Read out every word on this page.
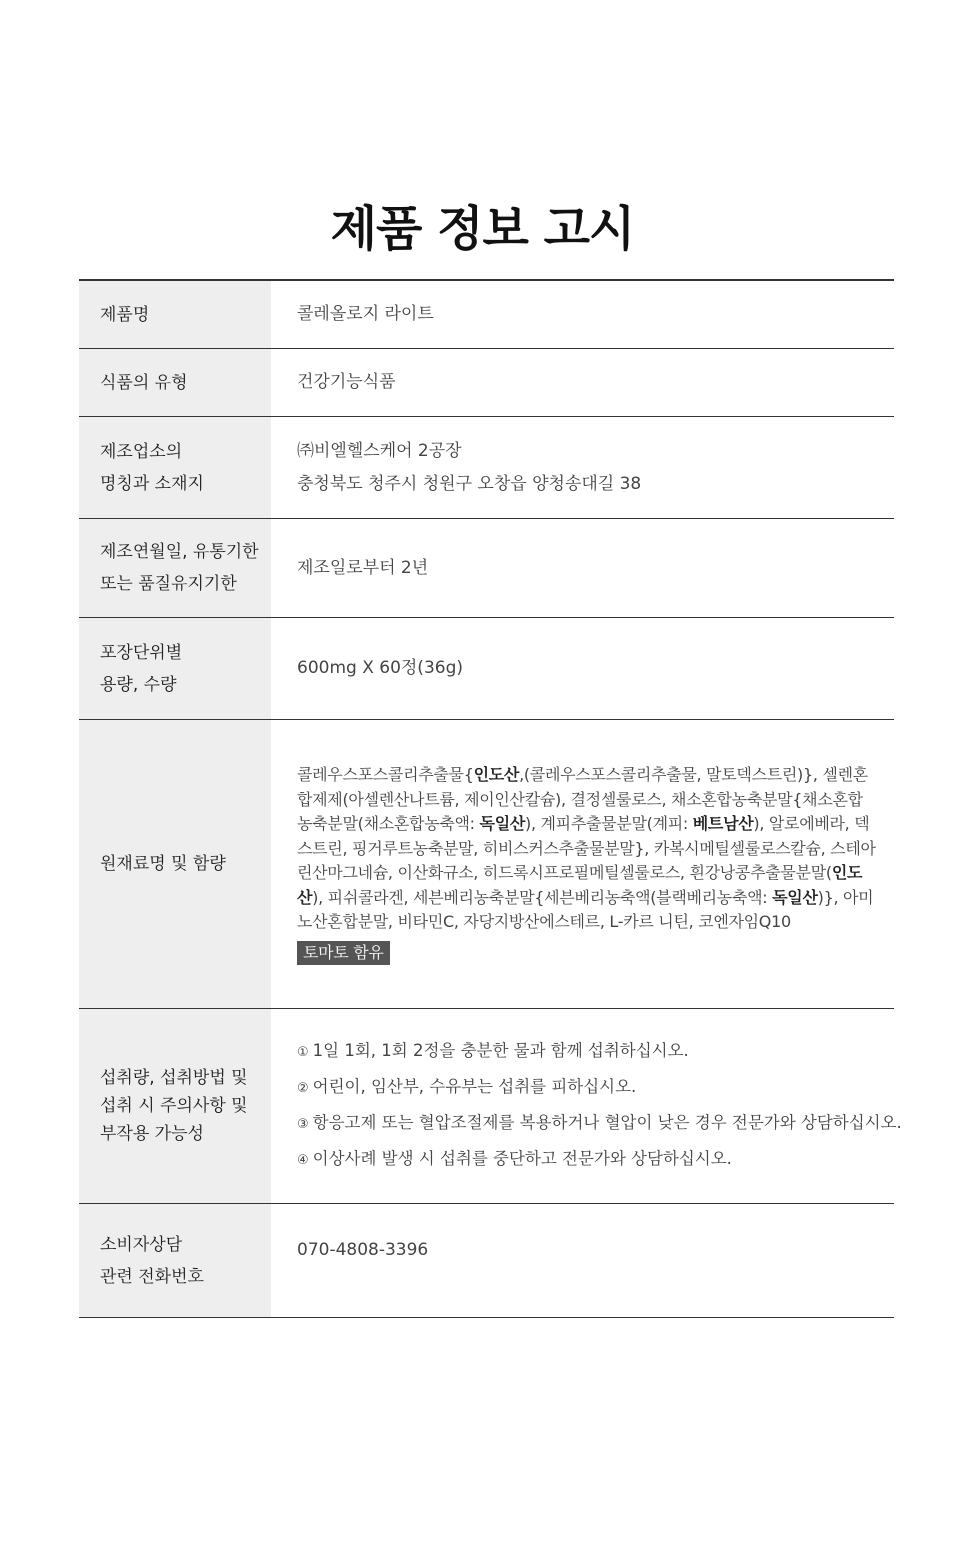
제품 정보 고시
제품명	콜레올로지 라이트
식품의 유형	건강기능식품
제조업소의
명칭과 소재지
㈜비엘헬스케어 2공장
충청북도 청주시 청원구 오창읍 양청송대길 38
제조연월일, 유통기한
또는 품질유지기한
제조일로부터 2년
포장단위별
용량, 수량
600mg X 60정(36g)
원재료명 및 함량
콜레우스포스콜리추출물{인도산,(콜레우스포스콜리추출물, 말토덱스트린)}, 셀렌혼
합제제(아셀렌산나트륨, 제이인산칼슘), 결정셀룰로스, 채소혼합농축분말{채소혼합
농축분말(채소혼합농축액: 독일산), 계피추출물분말(계피: 베트남산), 알로에베라, 덱
스트린, 핑거루트농축분말, 히비스커스추출물분말}, 카복시메틸셀룰로스칼슘, 스테아
린산마그네슘, 이산화규소, 히드록시프로필메틸셀룰로스, 흰강낭콩추출물분말(인도
산), 피쉬콜라겐, 세븐베리농축분말{세븐베리농축액(블랙베리농축액: 독일산)}, 아미
노산혼합분말, 비타민C, 자당지방산에스테르, L-카르 니틴, 코엔자임Q10
토마토 함유
섭취량, 섭취방법 및
섭취 시 주의사항 및
부작용 가능성
① 1일 1회, 1회 2정을 충분한 물과 함께 섭취하십시오.
② 어린이, 임산부, 수유부는 섭취를 피하십시오.
③ 항응고제 또는 혈압조절제를 복용하거나 혈압이 낮은 경우 전문가와 상담하십시오.
④ 이상사례 발생 시 섭취를 중단하고 전문가와 상담하십시오.
소비자상담
관련 전화번호
070-4808-3396
